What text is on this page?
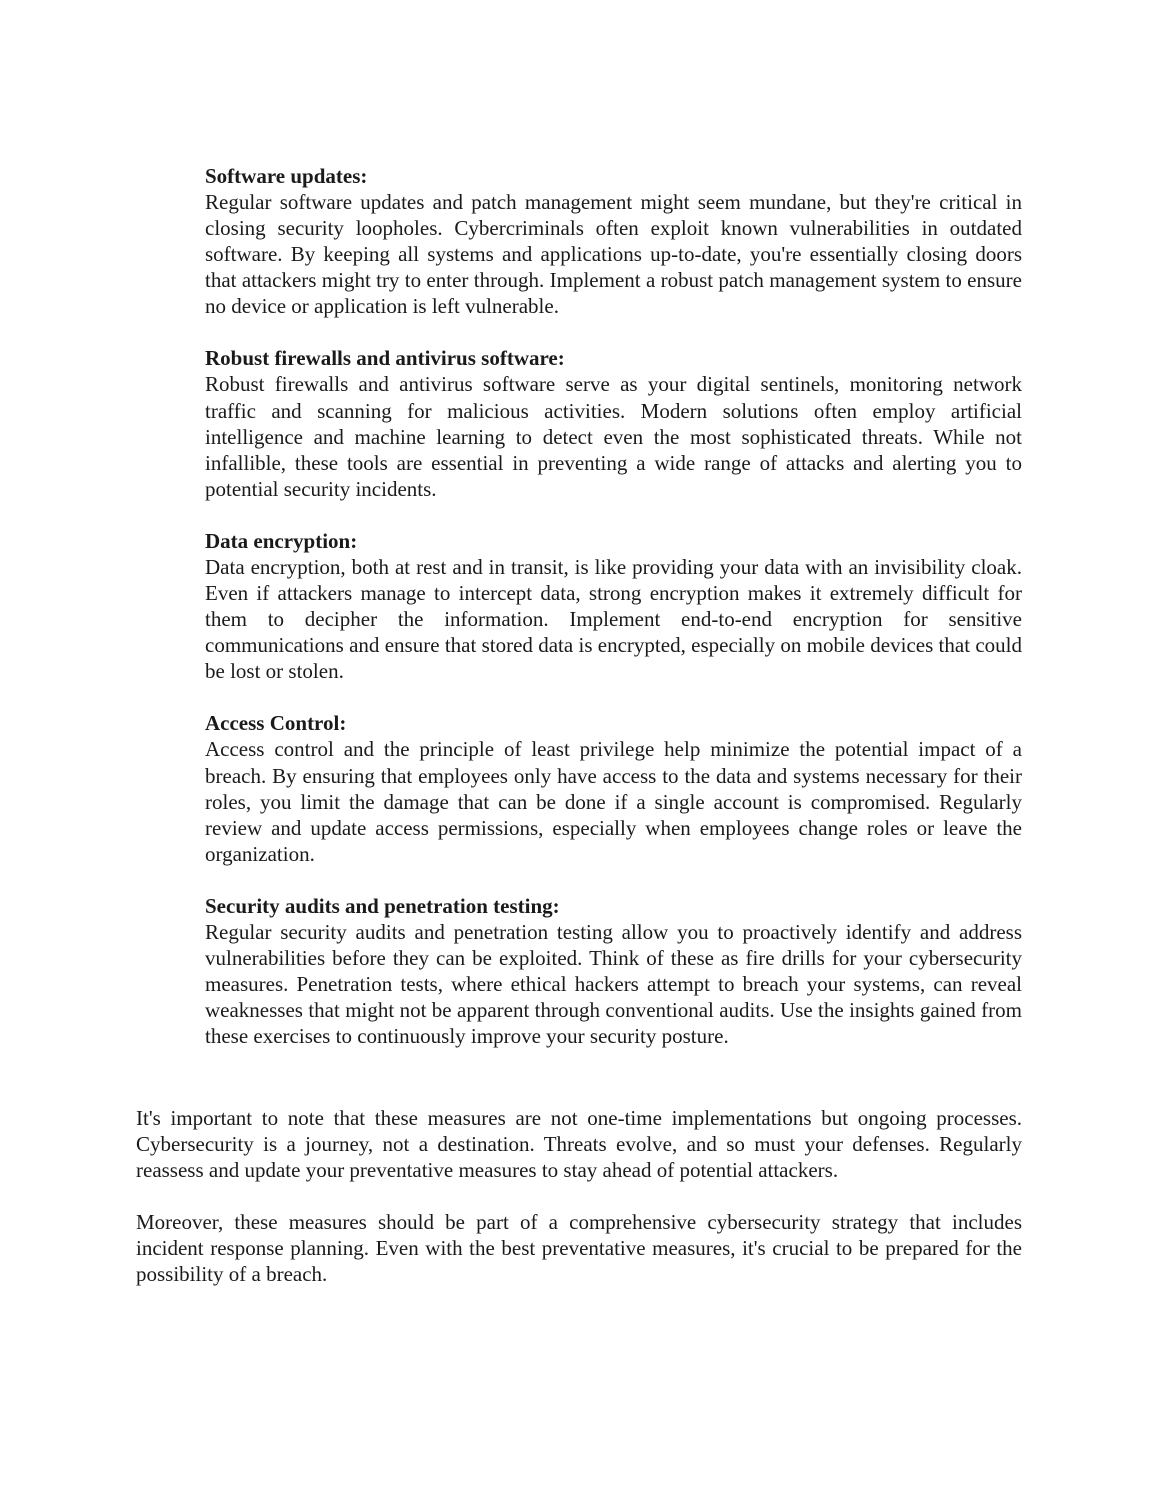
Software updates:

Regular software updates and patch management might seem mundane, but they're critical in closing security loopholes. Cybercriminals often exploit known vulnerabilities in outdated software. By keeping all systems and applications up-to-date, you're essentially closing doors that attackers might try to enter through. Implement a robust patch management system to ensure no device or application is left vulnerable.

Robust firewalls and antivirus software:

Robust firewalls and antivirus software serve as your digital sentinels, monitoring network traffic and scanning for malicious activities. Modern solutions often employ artificial intelligence and machine learning to detect even the most sophisticated threats. While not infallible, these tools are essential in preventing a wide range of attacks and alerting you to potential security incidents.

Data encryption:

Data encryption, both at rest and in transit, is like providing your data with an invisibility cloak. Even if attackers manage to intercept data, strong encryption makes it extremely difficult for them to decipher the information. Implement end-to-end encryption for sensitive communications and ensure that stored data is encrypted, especially on mobile devices that could be lost or stolen.

Access Control:

Access control and the principle of least privilege help minimize the potential impact of a breach. By ensuring that employees only have access to the data and systems necessary for their roles, you limit the damage that can be done if a single account is compromised. Regularly review and update access permissions, especially when employees change roles or leave the organization.

Security audits and penetration testing:

Regular security audits and penetration testing allow you to proactively identify and address vulnerabilities before they can be exploited. Think of these as fire drills for your cybersecurity measures. Penetration tests, where ethical hackers attempt to breach your systems, can reveal weaknesses that might not be apparent through conventional audits. Use the insights gained from these exercises to continuously improve your security posture.

It's important to note that these measures are not one-time implementations but ongoing processes. Cybersecurity is a journey, not a destination. Threats evolve, and so must your defenses. Regularly reassess and update your preventative measures to stay ahead of potential attackers.

Moreover, these measures should be part of a comprehensive cybersecurity strategy that includes incident response planning. Even with the best preventative measures, it's crucial to be prepared for the possibility of a breach.
